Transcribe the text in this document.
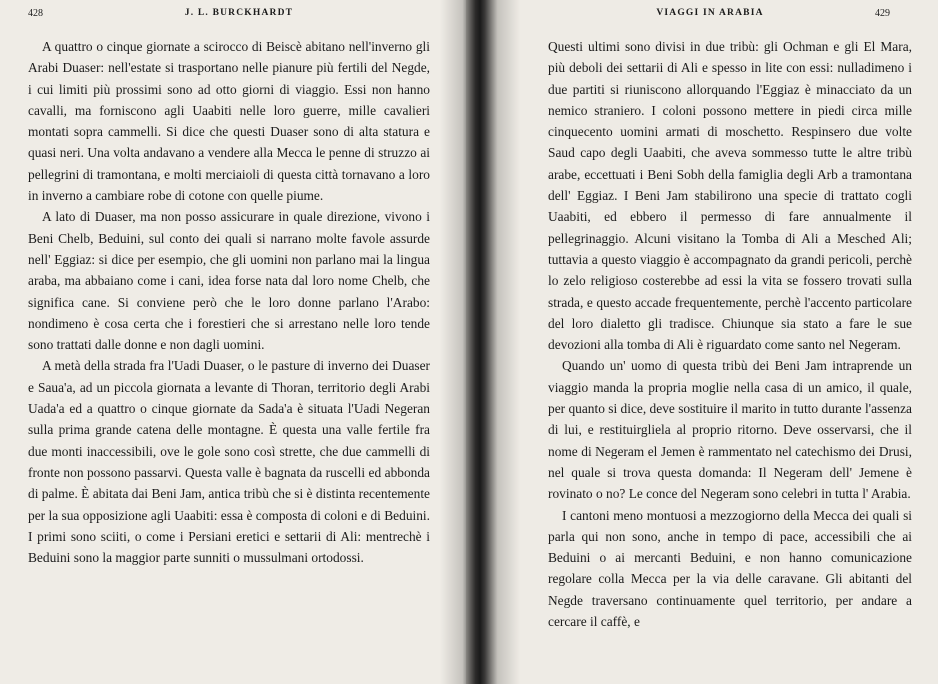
428	J. L. BURCKHARDT

A quattro o cinque giornate a scirocco di Beiscè abitano nell'inverno gli Arabi Duaser: nell'estate si trasportano nelle pianure più fertili del Negde, i cui limiti più prossimi sono ad otto giorni di viaggio. Essi non hanno cavalli, ma forniscono agli Uaabiti nelle loro guerre, mille cavalieri montati sopra cammelli. Si dice che questi Duaser sono di alta statura e quasi neri. Una volta andavano a vendere alla Mecca le penne di struzzo ai pellegrini di tramontana, e molti merciaioli di questa città tornavano a loro in inverno a cambiare robe di cotone con quelle piume.

A lato di Duaser, ma non posso assicurare in quale direzione, vivono i Beni Chelb, Beduini, sul conto dei quali si narrano molte favole assurde nell' Eggiaz: si dice per esempio, che gli uomini non parlano mai la lingua araba, ma abbaiano come i cani, idea forse nata dal loro nome Chelb, che significa cane. Si conviene però che le loro donne parlano l'Arabo: nondimeno è cosa certa che i forestieri che si arrestano nelle loro tende sono trattati dalle donne e non dagli uomini.

A metà della strada fra l'Uadi Duaser, o le pasture di inverno dei Duaser e Saua'a, ad un piccola giornata a levante di Thoran, territorio degli Arabi Uada'a ed a quattro o cinque giornate da Sada'a è situata l'Uadi Negeran sulla prima grande catena delle montagne. È questa una valle fertile fra due monti inaccessibili, ove le gole sono così strette, che due cammelli di fronte non possono passarvi. Questa valle è bagnata da ruscelli ed abbonda di palme. È abitata dai Beni Jam, antica tribù che si è distinta recentemente per la sua opposizione agli Uaabiti: essa è composta di coloni e di Beduini. I primi sono sciiti, o come i Persiani eretici e settarii di Ali: mentrechè i Beduini sono la maggior parte sunniti o mussulmani ortodossi.

VIAGGI IN ARABIA	429

Questi ultimi sono divisi in due tribù: gli Ochman e gli El Mara, più deboli dei settarii di Ali e spesso in lite con essi: nulladimeno i due partiti si riuniscono allorquando l'Eggiaz è minacciato da un nemico straniero. I coloni possono mettere in piedi circa mille cinquecento uomini armati di moschetto. Respinsero due volte Saud capo degli Uaabiti, che aveva sommesso tutte le altre tribù arabe, eccettuati i Beni Sobh della famiglia degli Arb a tramontana dell' Eggiaz. I Beni Jam stabilirono una specie di trattato cogli Uaabiti, ed ebbero il permesso di fare annualmente il pellegrinaggio. Alcuni visitano la Tomba di Ali a Mesched Ali; tuttavia a questo viaggio è accompagnato da grandi pericoli, perchè lo zelo religioso costerebbe ad essi la vita se fossero trovati sulla strada, e questo accade frequentemente, perchè l'accento particolare del loro dialetto gli tradisce. Chiunque sia stato a fare le sue devozioni alla tomba di Ali è riguardato come santo nel Negeram.

Quando un' uomo di questa tribù dei Beni Jam intraprende un viaggio manda la propria moglie nella casa di un amico, il quale, per quanto si dice, deve sostituire il marito in tutto durante l'assenza di lui, e restituirgliela al proprio ritorno. Deve osservarsi, che il nome di Negeram el Jemen è rammentato nel catechismo dei Drusi, nel quale si trova questa domanda: Il Negeram dell' Jemene è rovinato o no? Le conce del Negeram sono celebri in tutta l' Arabia.

I cantoni meno montuosi a mezzogiorno della Mecca dei quali si parla qui non sono, anche in tempo di pace, accessibili che ai Beduini o ai mercanti Beduini, e non hanno comunicazione regolare colla Mecca per la via delle caravane. Gli abitanti del Negde traversano continuamente quel territorio, per andare a cercare il caffè, e
